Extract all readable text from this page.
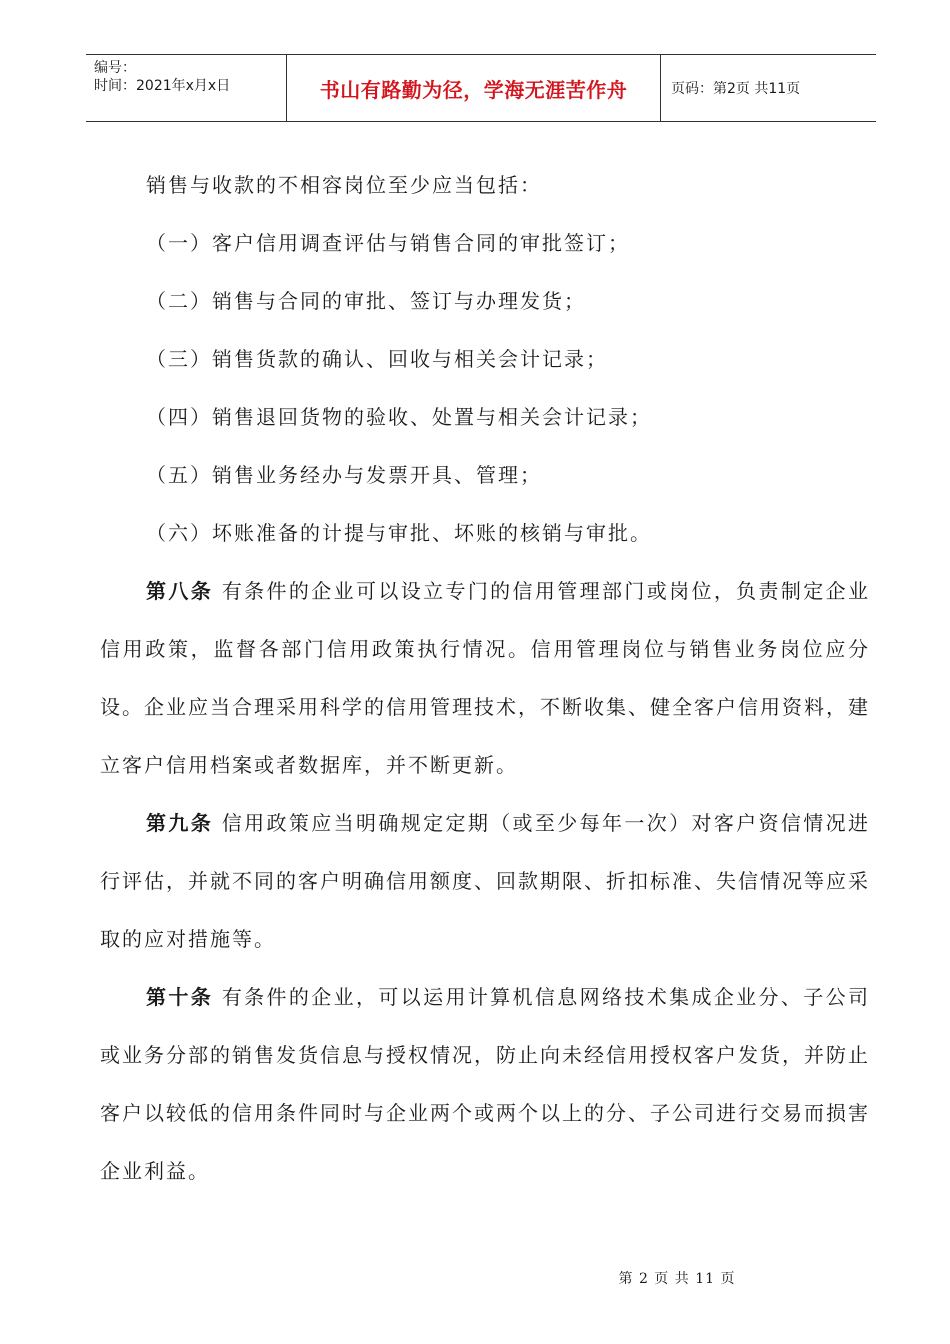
编号：
时间：2021年x月x日	书山有路勤为径，学海无涯苦作舟	页码：第2页 共11页

销售与收款的不相容岗位至少应当包括：

（一）客户信用调查评估与销售合同的审批签订；

（二）销售与合同的审批、签订与办理发货；

（三）销售货款的确认、回收与相关会计记录；

（四）销售退回货物的验收、处置与相关会计记录；

（五）销售业务经办与发票开具、管理；

（六）坏账准备的计提与审批、坏账的核销与审批。

第八条 有条件的企业可以设立专门的信用管理部门或岗位，负责制定企业信用政策，监督各部门信用政策执行情况。信用管理岗位与销售业务岗位应分设。企业应当合理采用科学的信用管理技术，不断收集、健全客户信用资料，建立客户信用档案或者数据库，并不断更新。

第九条 信用政策应当明确规定定期（或至少每年一次）对客户资信情况进行评估，并就不同的客户明确信用额度、回款期限、折扣标准、失信情况等应采取的应对措施等。

第十条 有条件的企业，可以运用计算机信息网络技术集成企业分、子公司或业务分部的销售发货信息与授权情况，防止向未经信用授权客户发货，并防止客户以较低的信用条件同时与企业两个或两个以上的分、子公司进行交易而损害企业利益。

第 2 页 共 11 页
